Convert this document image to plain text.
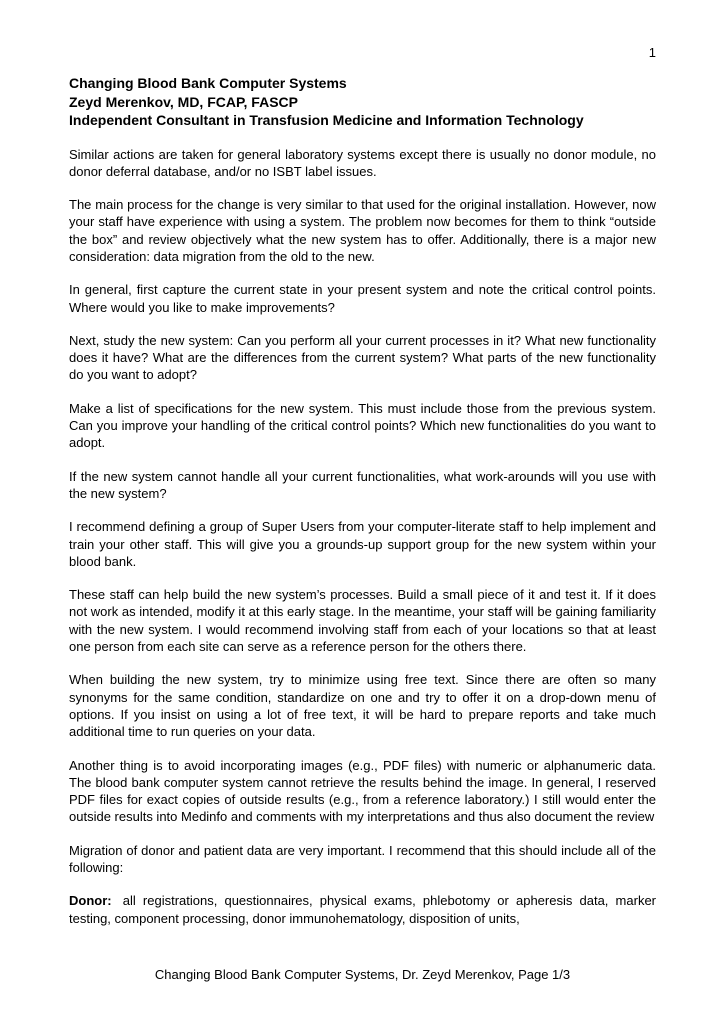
1
Changing Blood Bank Computer Systems
Zeyd Merenkov, MD, FCAP, FASCP
Independent Consultant in Transfusion Medicine and Information Technology

Similar actions are taken for general laboratory systems except there is usually no donor module, no donor deferral database, and/or no ISBT label issues.

The main process for the change is very similar to that used for the original installation. However, now your staff have experience with using a system. The problem now becomes for them to think “outside the box” and review objectively what the new system has to offer. Additionally, there is a major new consideration: data migration from the old to the new.

In general, first capture the current state in your present system and note the critical control points. Where would you like to make improvements?

Next, study the new system: Can you perform all your current processes in it? What new functionality does it have? What are the differences from the current system? What parts of the new functionality do you want to adopt?

Make a list of specifications for the new system. This must include those from the previous system. Can you improve your handling of the critical control points? Which new functionalities do you want to adopt.

If the new system cannot handle all your current functionalities, what work-arounds will you use with the new system?

I recommend defining a group of Super Users from your computer-literate staff to help implement and train your other staff. This will give you a grounds-up support group for the new system within your blood bank.

These staff can help build the new system’s processes. Build a small piece of it and test it. If it does not work as intended, modify it at this early stage. In the meantime, your staff will be gaining familiarity with the new system. I would recommend involving staff from each of your locations so that at least one person from each site can serve as a reference person for the others there.

When building the new system, try to minimize using free text. Since there are often so many synonyms for the same condition, standardize on one and try to offer it on a drop-down menu of options. If you insist on using a lot of free text, it will be hard to prepare reports and take much additional time to run queries on your data.

Another thing is to avoid incorporating images (e.g., PDF files) with numeric or alphanumeric data. The blood bank computer system cannot retrieve the results behind the image. In general, I reserved PDF files for exact copies of outside results (e.g., from a reference laboratory.) I still would enter the outside results into Medinfo and comments with my interpretations and thus also document the review

Migration of donor and patient data are very important. I recommend that this should include all of the following:

Donor: all registrations, questionnaires, physical exams, phlebotomy or apheresis data, marker testing, component processing, donor immunohematology, disposition of units,

Changing Blood Bank Computer Systems, Dr. Zeyd Merenkov, Page 1/3
